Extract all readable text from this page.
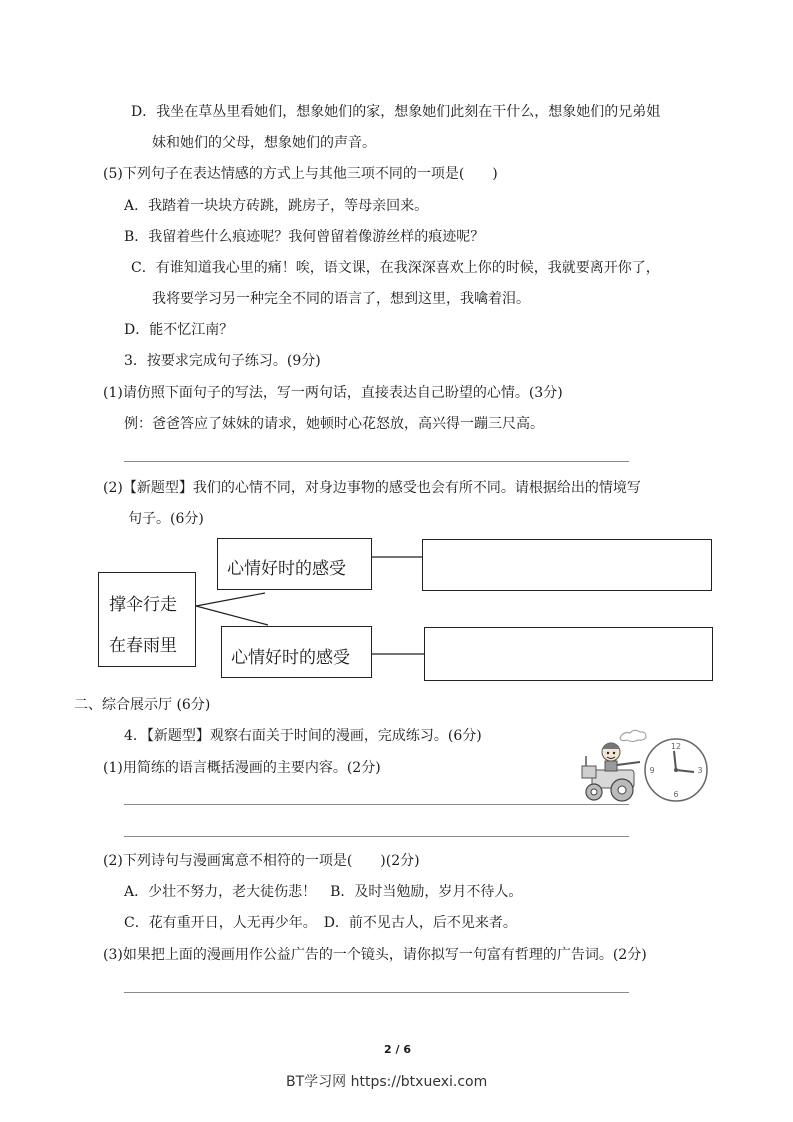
D．我坐在草丛里看她们，想象她们的家，想象她们此刻在干什么，想象她们的兄弟姐
妹和她们的父母，想象她们的声音。
(5)下列句子在表达情感的方式上与其他三项不同的一项是(　　)
A．我踏着一块块方砖跳，跳房子，等母亲回来。
B．我留着些什么痕迹呢？我何曾留着像游丝样的痕迹呢？
C．有谁知道我心里的痛！唉，语文课，在我深深喜欢上你的时候，我就要离开你了，
我将要学习另一种完全不同的语言了，想到这里，我噙着泪。
D．能不忆江南？
3．按要求完成句子练习。(9分)
(1)请仿照下面句子的写法，写一两句话，直接表达自己盼望的心情。(3分)
例：爸爸答应了妹妹的请求，她顿时心花怒放，高兴得一蹦三尺高。
(2)【新题型】我们的心情不同，对身边事物的感受也会有所不同。请根据给出的情境写
句子。(6分)
撑伞行走
在春雨里
心情好时的感受
心情好时的感受
二、综合展示厅 (6分)
4．【新题型】观察右面关于时间的漫画，完成练习。(6分)
(1)用简练的语言概括漫画的主要内容。(2分)
(2)下列诗句与漫画寓意不相符的一项是(　　)(2分)
A．少壮不努力，老大徒伤悲！　B．及时当勉励，岁月不待人。
C．花有重开日，人无再少年。　D．前不见古人，后不见来者。
(3)如果把上面的漫画用作公益广告的一个镜头，请你拟写一句富有哲理的广告词。(2分)
12
3
6
9
2 / 6
BT学习网 https://btxuexi.com
